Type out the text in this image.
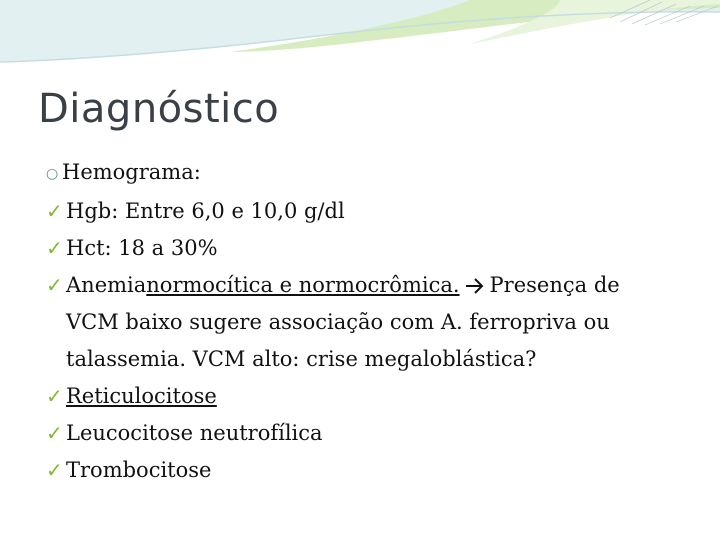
Diagnóstico
○ Hemograma:
✓ Hgb: Entre 6,0 e 10,0 g/dl
✓ Hct: 18 a 30%
✓ Anemia normocítica e normocrômica. Presença de
VCM baixo sugere associação com A. ferropriva ou
talassemia. VCM alto: crise megaloblástica?
✓ Reticulocitose
✓ Leucocitose neutrofílica
✓ Trombocitose
